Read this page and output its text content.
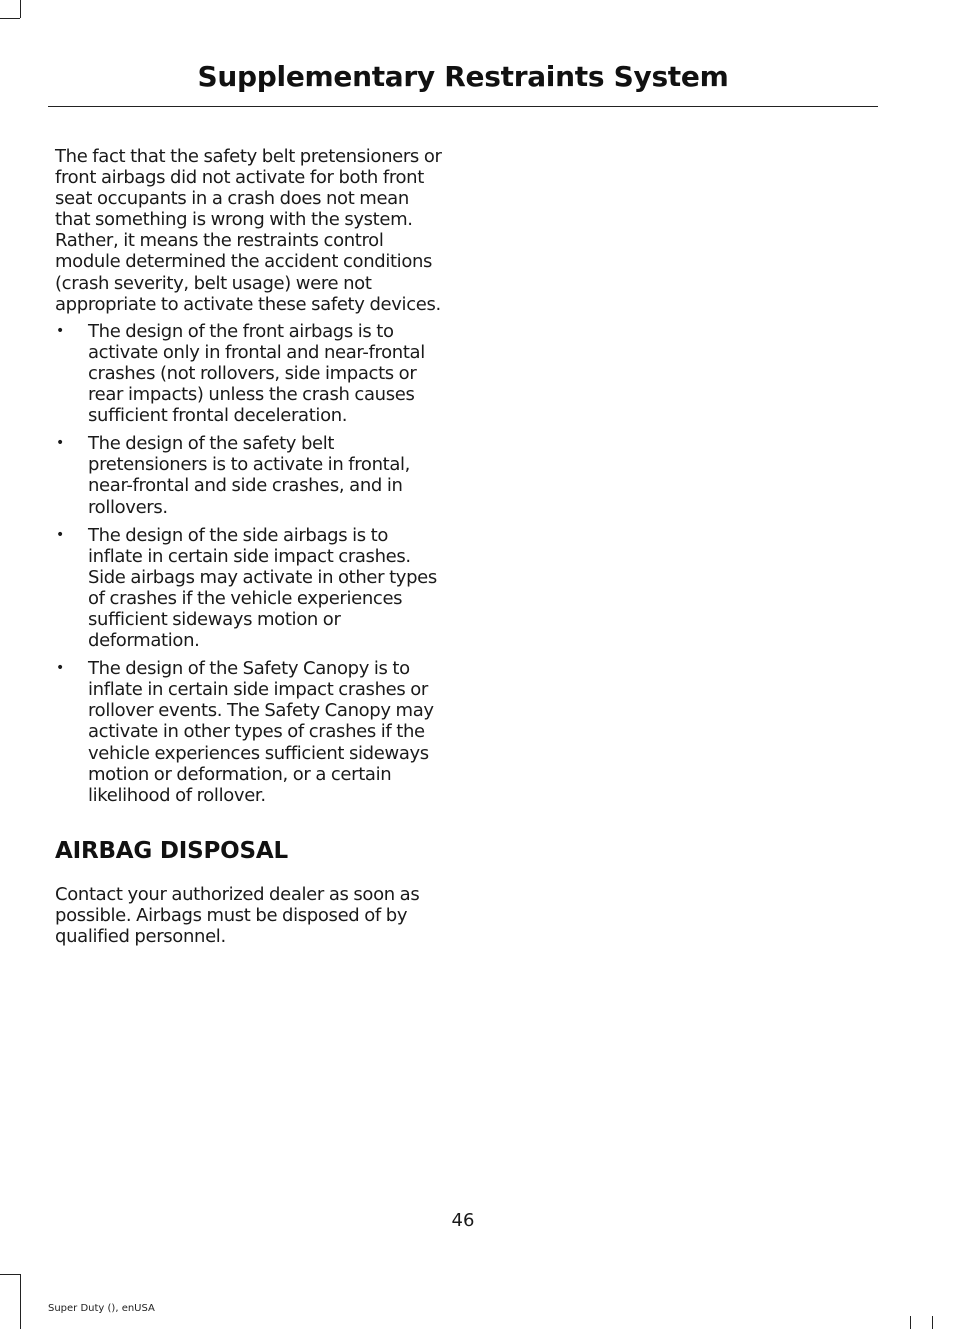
Supplementary Restraints System

The fact that the safety belt pretensioners or front airbags did not activate for both front seat occupants in a crash does not mean that something is wrong with the system. Rather, it means the restraints control module determined the accident conditions (crash severity, belt usage) were not appropriate to activate these safety devices.

• The design of the front airbags is to activate only in frontal and near-frontal crashes (not rollovers, side impacts or rear impacts) unless the crash causes sufficient frontal deceleration.
• The design of the safety belt pretensioners is to activate in frontal, near-frontal and side crashes, and in rollovers.
• The design of the side airbags is to inflate in certain side impact crashes. Side airbags may activate in other types of crashes if the vehicle experiences sufficient sideways motion or deformation.
• The design of the Safety Canopy is to inflate in certain side impact crashes or rollover events. The Safety Canopy may activate in other types of crashes if the vehicle experiences sufficient sideways motion or deformation, or a certain likelihood of rollover.
AIRBAG DISPOSAL

Contact your authorized dealer as soon as possible. Airbags must be disposed of by qualified personnel.

46
Super Duty (), enUSA
